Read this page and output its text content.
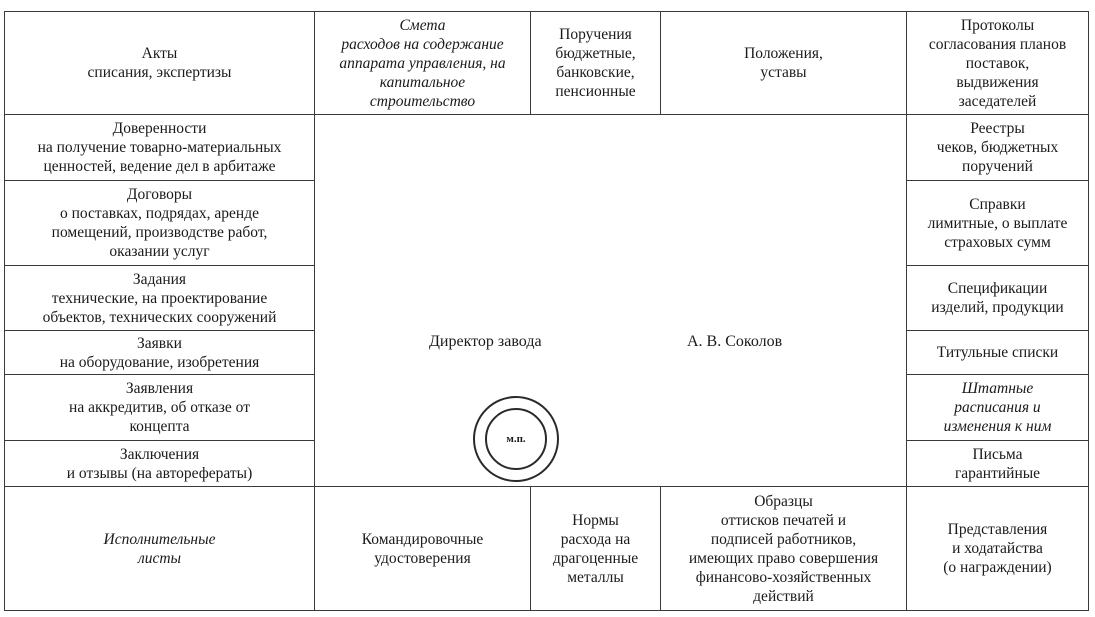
Акты
списания, экспертизы
Смета
расходов на содержание
аппарата управления, на
капитальное
строительство
Поручения
бюджетные,
банковские,
пенсионные
Положения,
уставы
Протоколы
согласования планов
поставок,
выдвижения
заседателей
Доверенности
на получение товарно-материальных
ценностей, ведение дел в арбитаже
Договоры
о поставках, подрядах, аренде
помещений, производстве работ,
оказании услуг
Задания
технические, на проектирование
объектов, технических сооружений
Заявки
на оборудование, изобретения
Заявления
на аккредитив, об отказе от
концепта
Заключения
и отзывы (на авторефераты)
Директор завода	А. В. Соколов
м.п.
Реестры
чеков, бюджетных
поручений
Справки
лимитные, о выплате
страховых сумм
Спецификации
изделий, продукции
Титульные списки
Штатные
расписания и
изменения к ним
Письма
гарантийные
Исполнительные
листы
Командировочные
удостоверения
Нормы
расхода на
драгоценные
металлы
Образцы
оттисков печатей и
подписей работников,
имеющих право совершения
финансово-хозяйственных
действий
Представления
и ходатайства
(о награждении)
